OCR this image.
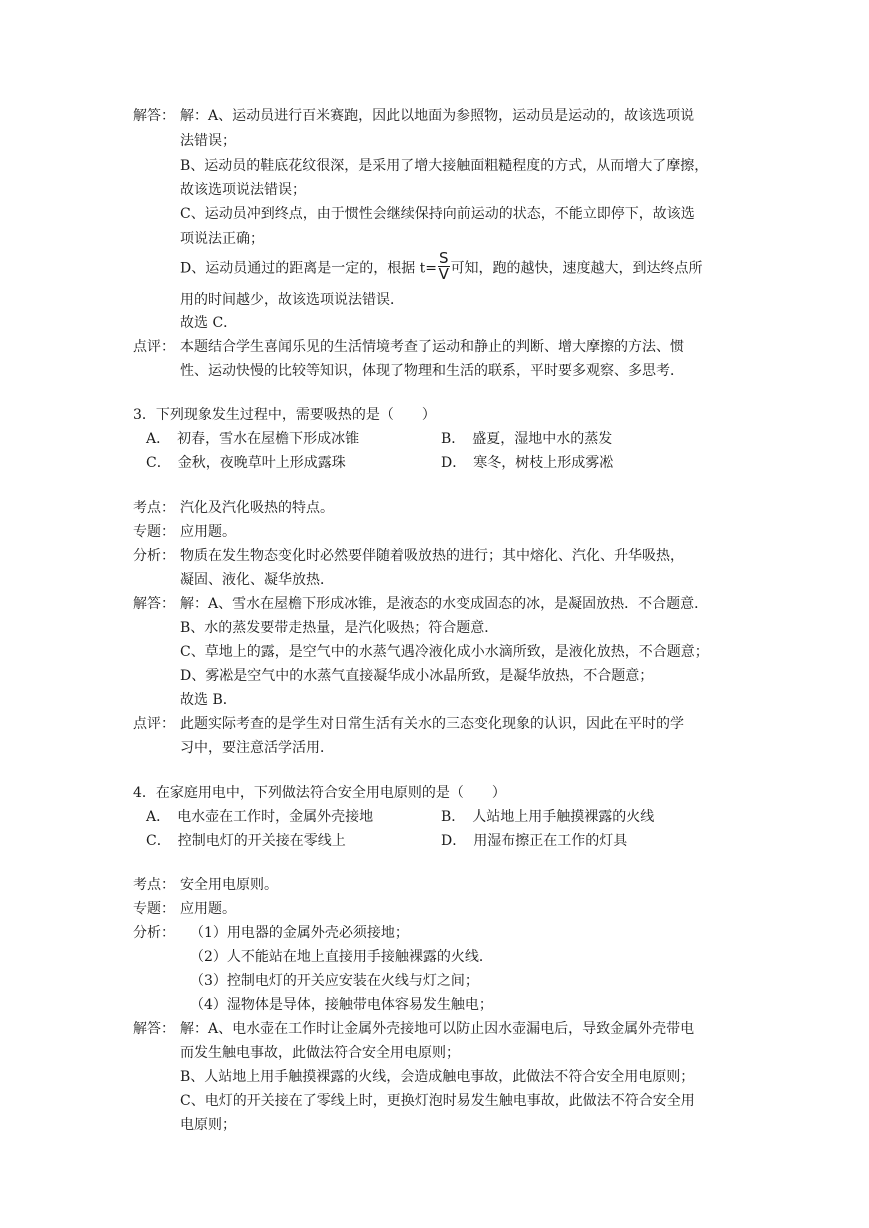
解答： 解：A、运动员进行百米赛跑，因此以地面为参照物，运动员是运动的，故该选项说
法错误；
B、运动员的鞋底花纹很深，是采用了增大接触面粗糙程度的方式，从而增大了摩擦，
故该选项说法错误；
C、运动员冲到终点，由于惯性会继续保持向前运动的状态，不能立即停下，故该选
项说法正确；
D、运动员通过的距离是一定的，根据 $t= \frac{S}{V}$ 可知，跑的越快，速度越大，到达终点所
用的时间越少，故该选项说法错误．
故选 C．
点评： 本题结合学生喜闻乐见的生活情境考查了运动和静止的判断、增大摩擦的方法、惯
性、运动快慢的比较等知识，体现了物理和生活的联系，平时要多观察、多思考．
3．下列现象发生过程中，需要吸热的是（　　）
A．　初春，雪水在屋檐下形成冰锥	B．　盛夏，湿地中水的蒸发
C．　金秋，夜晚草叶上形成露珠	D．　寒冬，树枝上形成雾凇
考点： 汽化及汽化吸热的特点。
专题： 应用题。
分析： 物质在发生物态变化时必然要伴随着吸放热的进行；其中熔化、汽化、升华吸热，
凝固、液化、凝华放热．
解答： 解：A、雪水在屋檐下形成冰锥，是液态的水变成固态的冰，是凝固放热．不合题意．
B、水的蒸发要带走热量，是汽化吸热；符合题意．
C、草地上的露，是空气中的水蒸气遇冷液化成小水滴所致，是液化放热，不合题意；
D、雾凇是空气中的水蒸气直接凝华成小冰晶所致，是凝华放热，不合题意；
故选 B．
点评： 此题实际考查的是学生对日常生活有关水的三态变化现象的认识，因此在平时的学
习中，要注意活学活用．
4．在家庭用电中，下列做法符合安全用电原则的是（　　）
A．　电水壶在工作时，金属外壳接地	B．　人站地上用手触摸裸露的火线
C．　控制电灯的开关接在零线上	D．　用湿布擦正在工作的灯具
考点： 安全用电原则。
专题： 应用题。
分析： （1）用电器的金属外壳必须接地；
（2）人不能站在地上直接用手接触裸露的火线．
（3）控制电灯的开关应安装在火线与灯之间；
（4）湿物体是导体，接触带电体容易发生触电；
解答： 解：A、电水壶在工作时让金属外壳接地可以防止因水壶漏电后，导致金属外壳带电
而发生触电事故，此做法符合安全用电原则；
B、人站地上用手触摸裸露的火线，会造成触电事故，此做法不符合安全用电原则；
C、电灯的开关接在了零线上时，更换灯泡时易发生触电事故，此做法不符合安全用
电原则；
